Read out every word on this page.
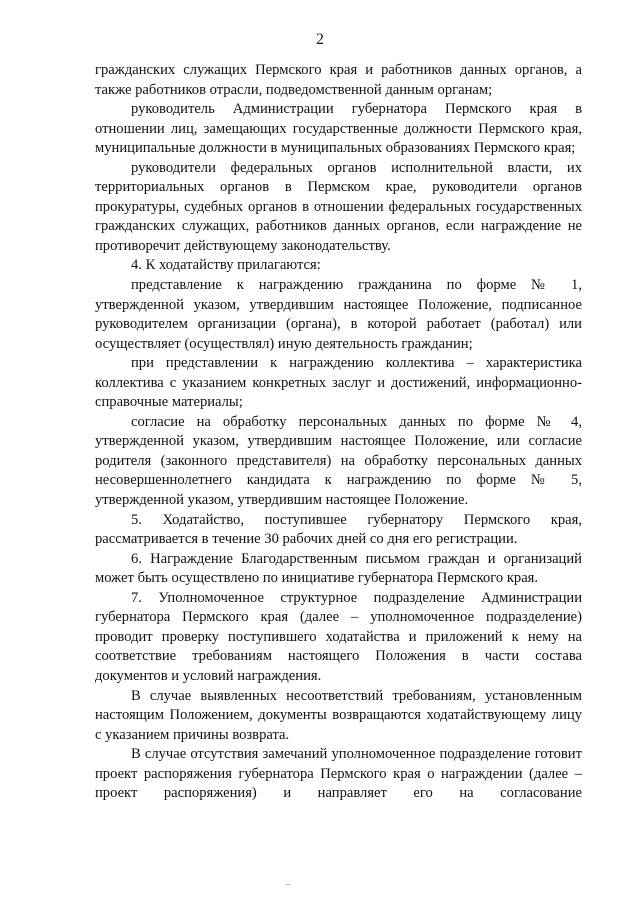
2

гражданских служащих Пермского края и работников данных органов, а также работников отрасли, подведомственной данным органам;

руководитель Администрации губернатора Пермского края в отношении лиц, замещающих государственные должности Пермского края, муниципальные должности в муниципальных образованиях Пермского края;

руководители федеральных органов исполнительной власти, их территориальных органов в Пермском крае, руководители органов прокуратуры, судебных органов в отношении федеральных государственных гражданских служащих, работников данных органов, если награждение не противоречит действующему законодательству.

4. К ходатайству прилагаются:

представление к награждению гражданина по форме № 1, утвержденной указом, утвердившим настоящее Положение, подписанное руководителем организации (органа), в которой работает (работал) или осуществляет (осуществлял) иную деятельность гражданин;

при представлении к награждению коллектива – характеристика коллектива с указанием конкретных заслуг и достижений, информационно-справочные материалы;

согласие на обработку персональных данных по форме № 4, утвержденной указом, утвердившим настоящее Положение, или согласие родителя (законного представителя) на обработку персональных данных несовершеннолетнего кандидата к награждению по форме № 5, утвержденной указом, утвердившим настоящее Положение.

5. Ходатайство, поступившее губернатору Пермского края, рассматривается в течение 30 рабочих дней со дня его регистрации.

6. Награждение Благодарственным письмом граждан и организаций может быть осуществлено по инициативе губернатора Пермского края.

7. Уполномоченное структурное подразделение Администрации губернатора Пермского края (далее – уполномоченное подразделение) проводит проверку поступившего ходатайства и приложений к нему на соответствие требованиям настоящего Положения в части состава документов и условий награждения.

В случае выявленных несоответствий требованиям, установленным настоящим Положением, документы возвращаются ходатайствующему лицу с указанием причины возврата.

В случае отсутствия замечаний уполномоченное подразделение готовит проект распоряжения губернатора Пермского края о награждении (далее – проект распоряжения) и направляет его на согласование
